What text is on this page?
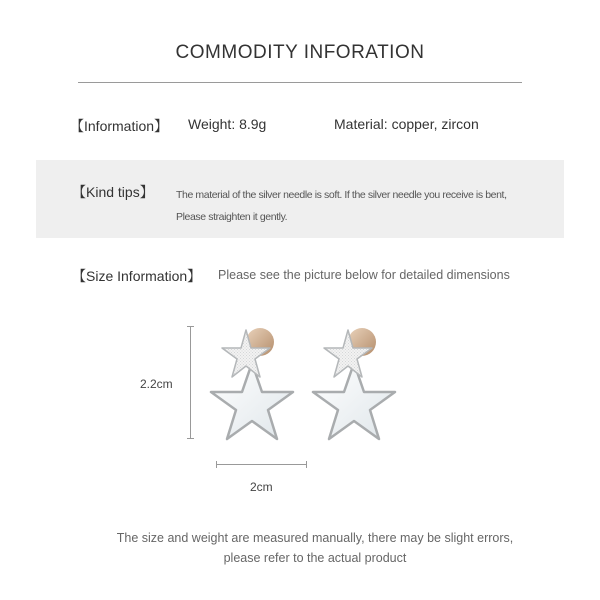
COMMODITY INFORATION
【Information】 Weight: 8.9g	Material: copper, zircon
【Kind tips】 The material of the silver needle is soft. If the silver needle you receive is bent,
Please straighten it gently.
【Size Information】 Please see the picture below for detailed dimensions
2.2cm
2cm
The size and weight are measured manually, there may be slight errors,
please refer to the actual product
